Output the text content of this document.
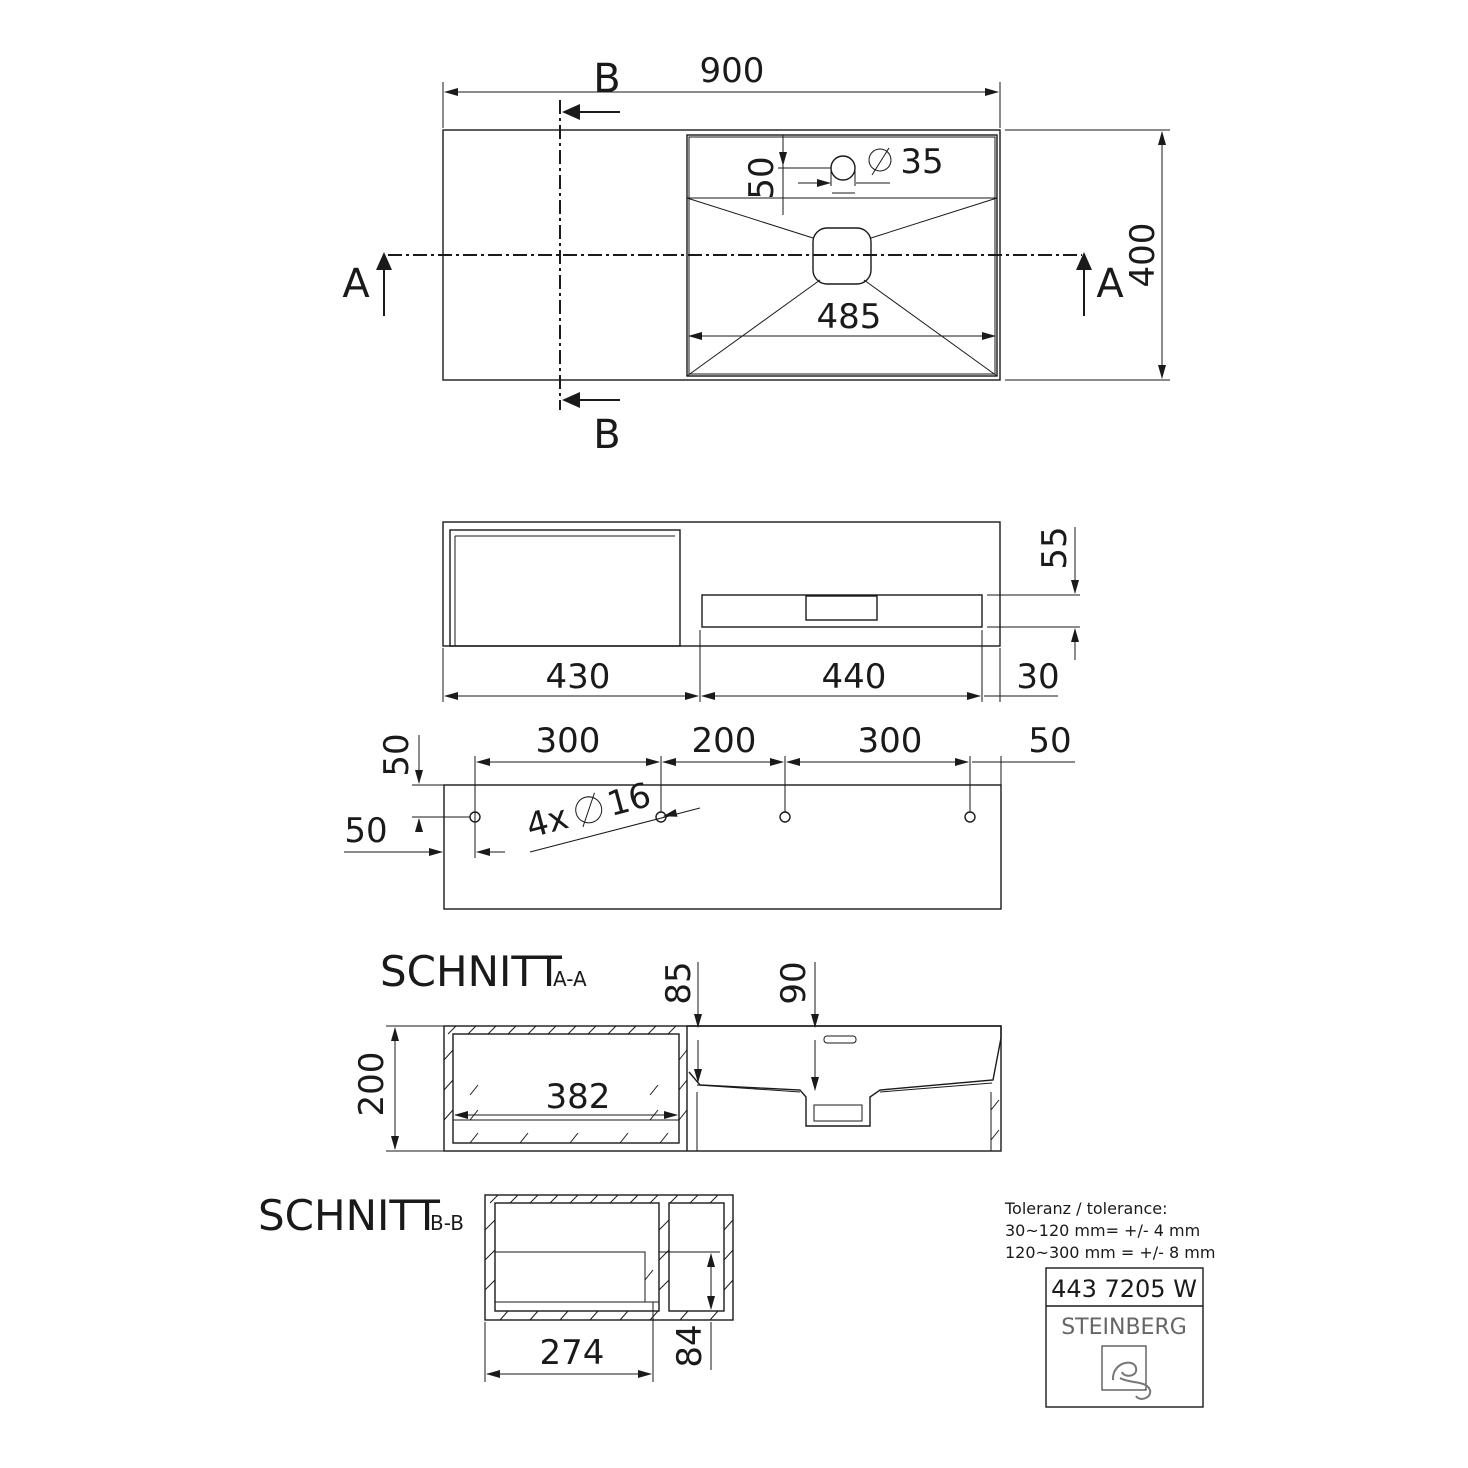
900
400
485
35
50
A	A
B
B
55
430	440	30
4x 16
300	200	300	50
50
50
SCHNITT
A-A
200	382
85 90
SCHNITT
B-B
274 84
Toleranz / tolerance:
30~120 mm= +/- 4 mm
120~300 mm = +/- 8 mm
443 7205 W
STEINBERG
